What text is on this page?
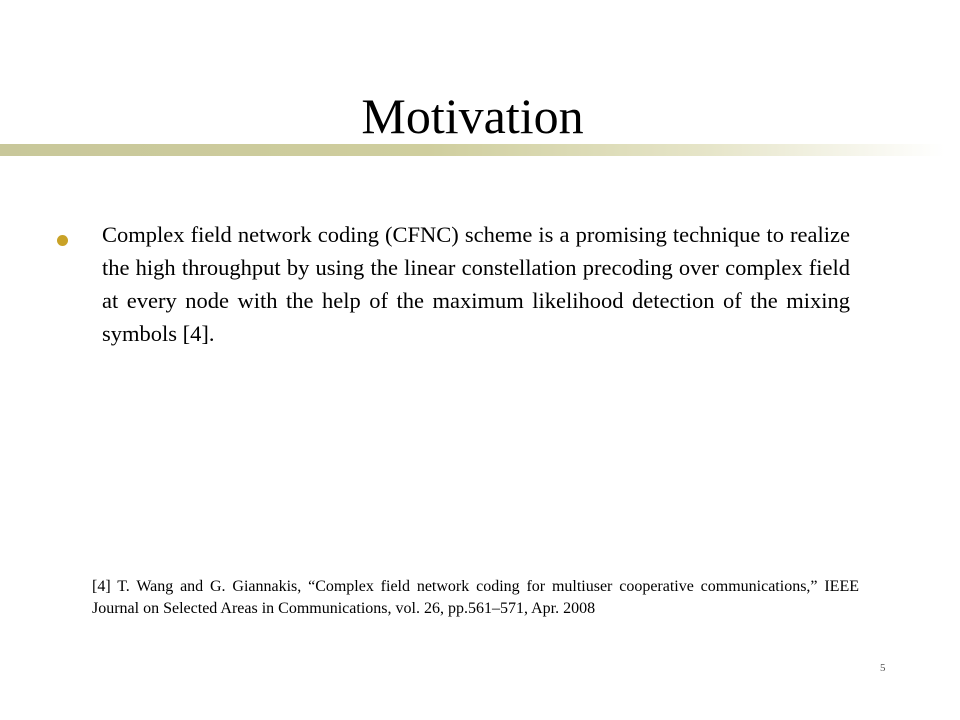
Motivation

Complex field network coding (CFNC) scheme is a promising technique to realize the high throughput by using the linear constellation precoding over complex field at every node with the help of the maximum likelihood detection of the mixing symbols [4].

[4] T. Wang and G. Giannakis, “Complex field network coding for multiuser cooperative communications,” IEEE Journal on Selected Areas in Communications, vol. 26, pp.561–571, Apr. 2008

5
